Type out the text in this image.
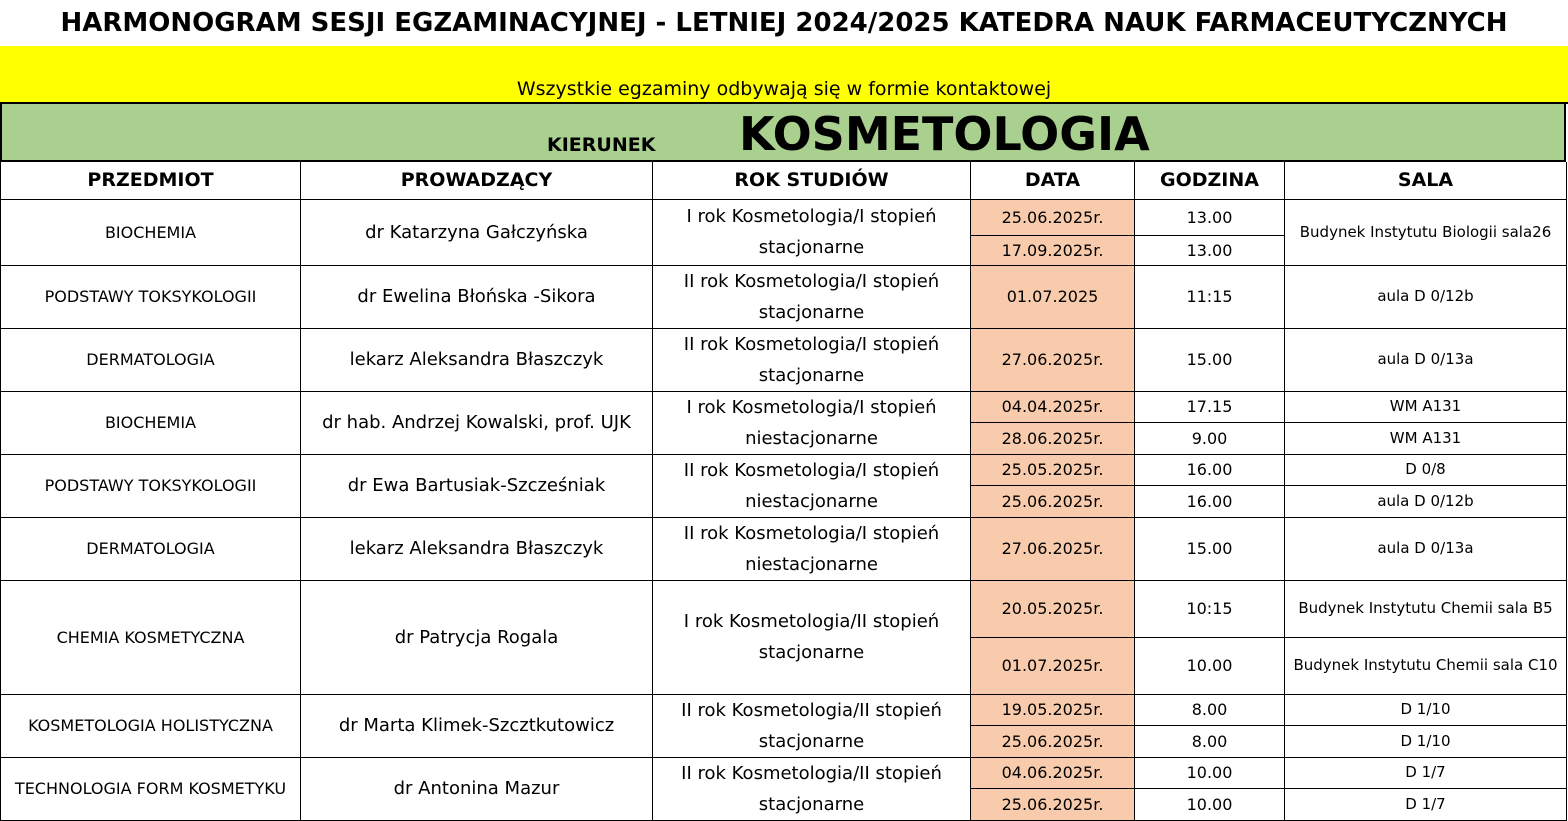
HARMONOGRAM SESJI EGZAMINACYJNEJ - LETNIEJ 2024/2025 KATEDRA NAUK FARMACEUTYCZNYCH
Wszystkie egzaminy odbywają się w formie kontaktowej
KIERUNEK KOSMETOLOGIA
PRZEDMIOT	PROWADZĄCY	ROK STUDIÓW	DATA	GODZINA	SALA
BIOCHEMIA	dr Katarzyna Gałczyńska	I rok Kosmetologia/I stopień stacjonarne	25.06.2025r.	13.00	Budynek Instytutu Biologii sala26
			17.09.2025r.	13.00	
PODSTAWY TOKSYKOLOGII	dr Ewelina Błońska -Sikora	II rok Kosmetologia/I stopień stacjonarne	01.07.2025	11:15	aula D 0/12b
DERMATOLOGIA	lekarz Aleksandra Błaszczyk	II rok Kosmetologia/I stopień stacjonarne	27.06.2025r.	15.00	aula D 0/13a
BIOCHEMIA	dr hab. Andrzej Kowalski, prof. UJK	I rok Kosmetologia/I stopień niestacjonarne	04.04.2025r.	17.15	WM A131
			28.06.2025r.	9.00	WM A131
PODSTAWY TOKSYKOLOGII	dr Ewa Bartusiak-Szcześniak	II rok Kosmetologia/I stopień niestacjonarne	25.05.2025r.	16.00	D 0/8
			25.06.2025r.	16.00	aula D 0/12b
DERMATOLOGIA	lekarz Aleksandra Błaszczyk	II rok Kosmetologia/I stopień niestacjonarne	27.06.2025r.	15.00	aula D 0/13a
CHEMIA KOSMETYCZNA	dr Patrycja Rogala	I rok Kosmetologia/II stopień stacjonarne	20.05.2025r.	10:15	Budynek Instytutu Chemii sala B5
			01.07.2025r.	10.00	Budynek Instytutu Chemii sala C10
KOSMETOLOGIA HOLISTYCZNA	dr Marta Klimek-Szcztkutowicz	II rok Kosmetologia/II stopień stacjonarne	19.05.2025r.	8.00	D 1/10
			25.06.2025r.	8.00	D 1/10
TECHNOLOGIA FORM KOSMETYKU	dr Antonina Mazur	II rok Kosmetologia/II stopień stacjonarne	04.06.2025r.	10.00	D 1/7
			25.06.2025r.	10.00	D 1/7
